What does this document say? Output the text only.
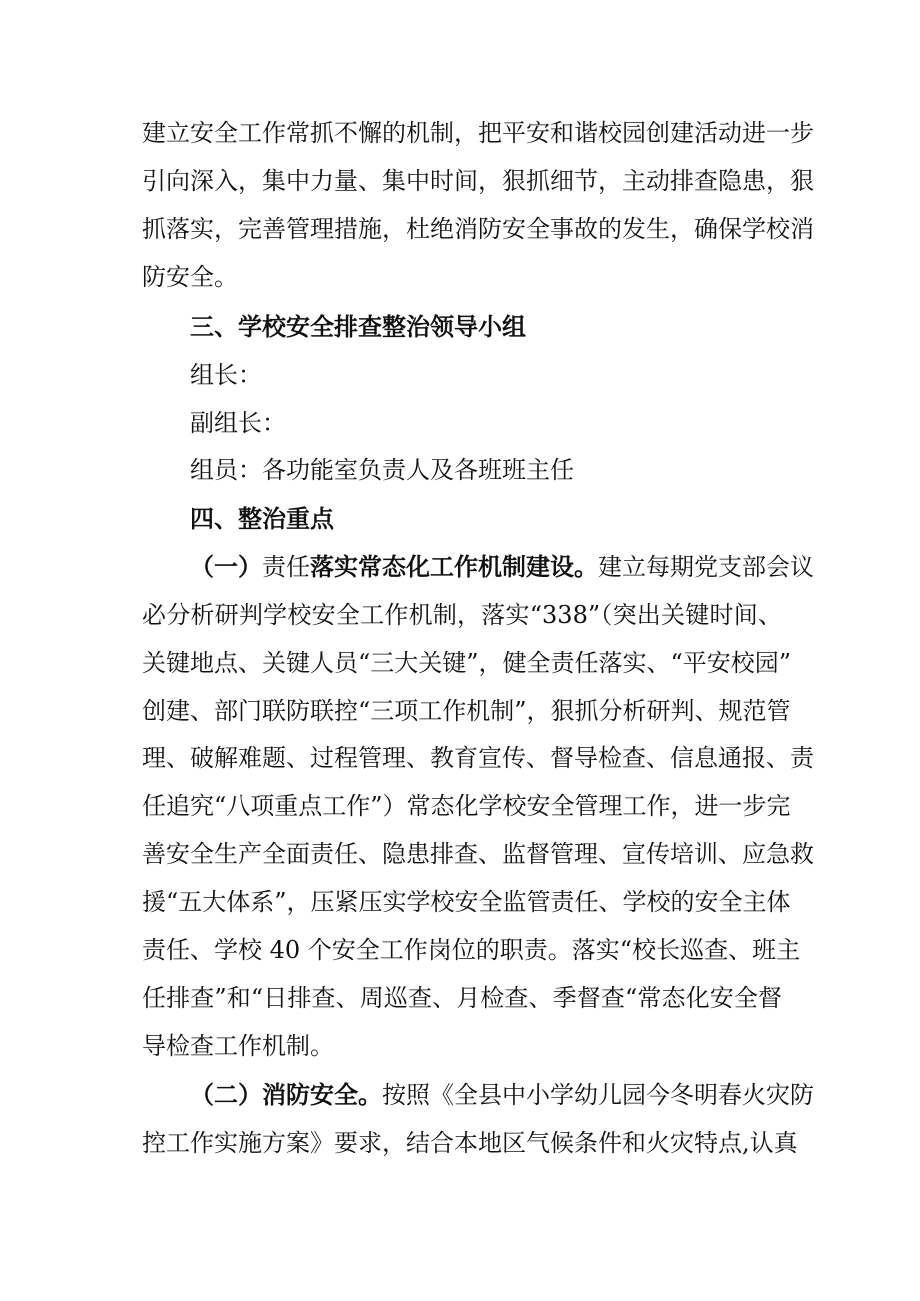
建立安全工作常抓不懈的机制，把平安和谐校园创建活动进一步
引向深入，集中力量、集中时间，狠抓细节，主动排查隐患，狠
抓落实，完善管理措施，杜绝消防安全事故的发生，确保学校消
防安全。
三、学校安全排查整治领导小组
组长：
副组长：
组员：各功能室负责人及各班班主任
四、整治重点
（一）责任落实常态化工作机制建设。建立每期党支部会议
必分析研判学校安全工作机制，落实“338”（突出关键时间、
关键地点、关键人员“三大关键”，健全责任落实、“平安校园”
创建、部门联防联控“三项工作机制”，狠抓分析研判、规范管
理、破解难题、过程管理、教育宣传、督导检查、信息通报、责
任追究“八项重点工作”）常态化学校安全管理工作，进一步完
善安全生产全面责任、隐患排查、监督管理、宣传培训、应急救
援“五大体系”，压紧压实学校安全监管责任、学校的安全主体
责任、学校 40 个安全工作岗位的职责。落实“校长巡查、班主
任排查”和“日排查、周巡查、月检查、季督查“常态化安全督
导检查工作机制。
（二）消防安全。按照《全县中小学幼儿园今冬明春火灾防
控工作实施方案》要求，结合本地区气候条件和火灾特点,认真
